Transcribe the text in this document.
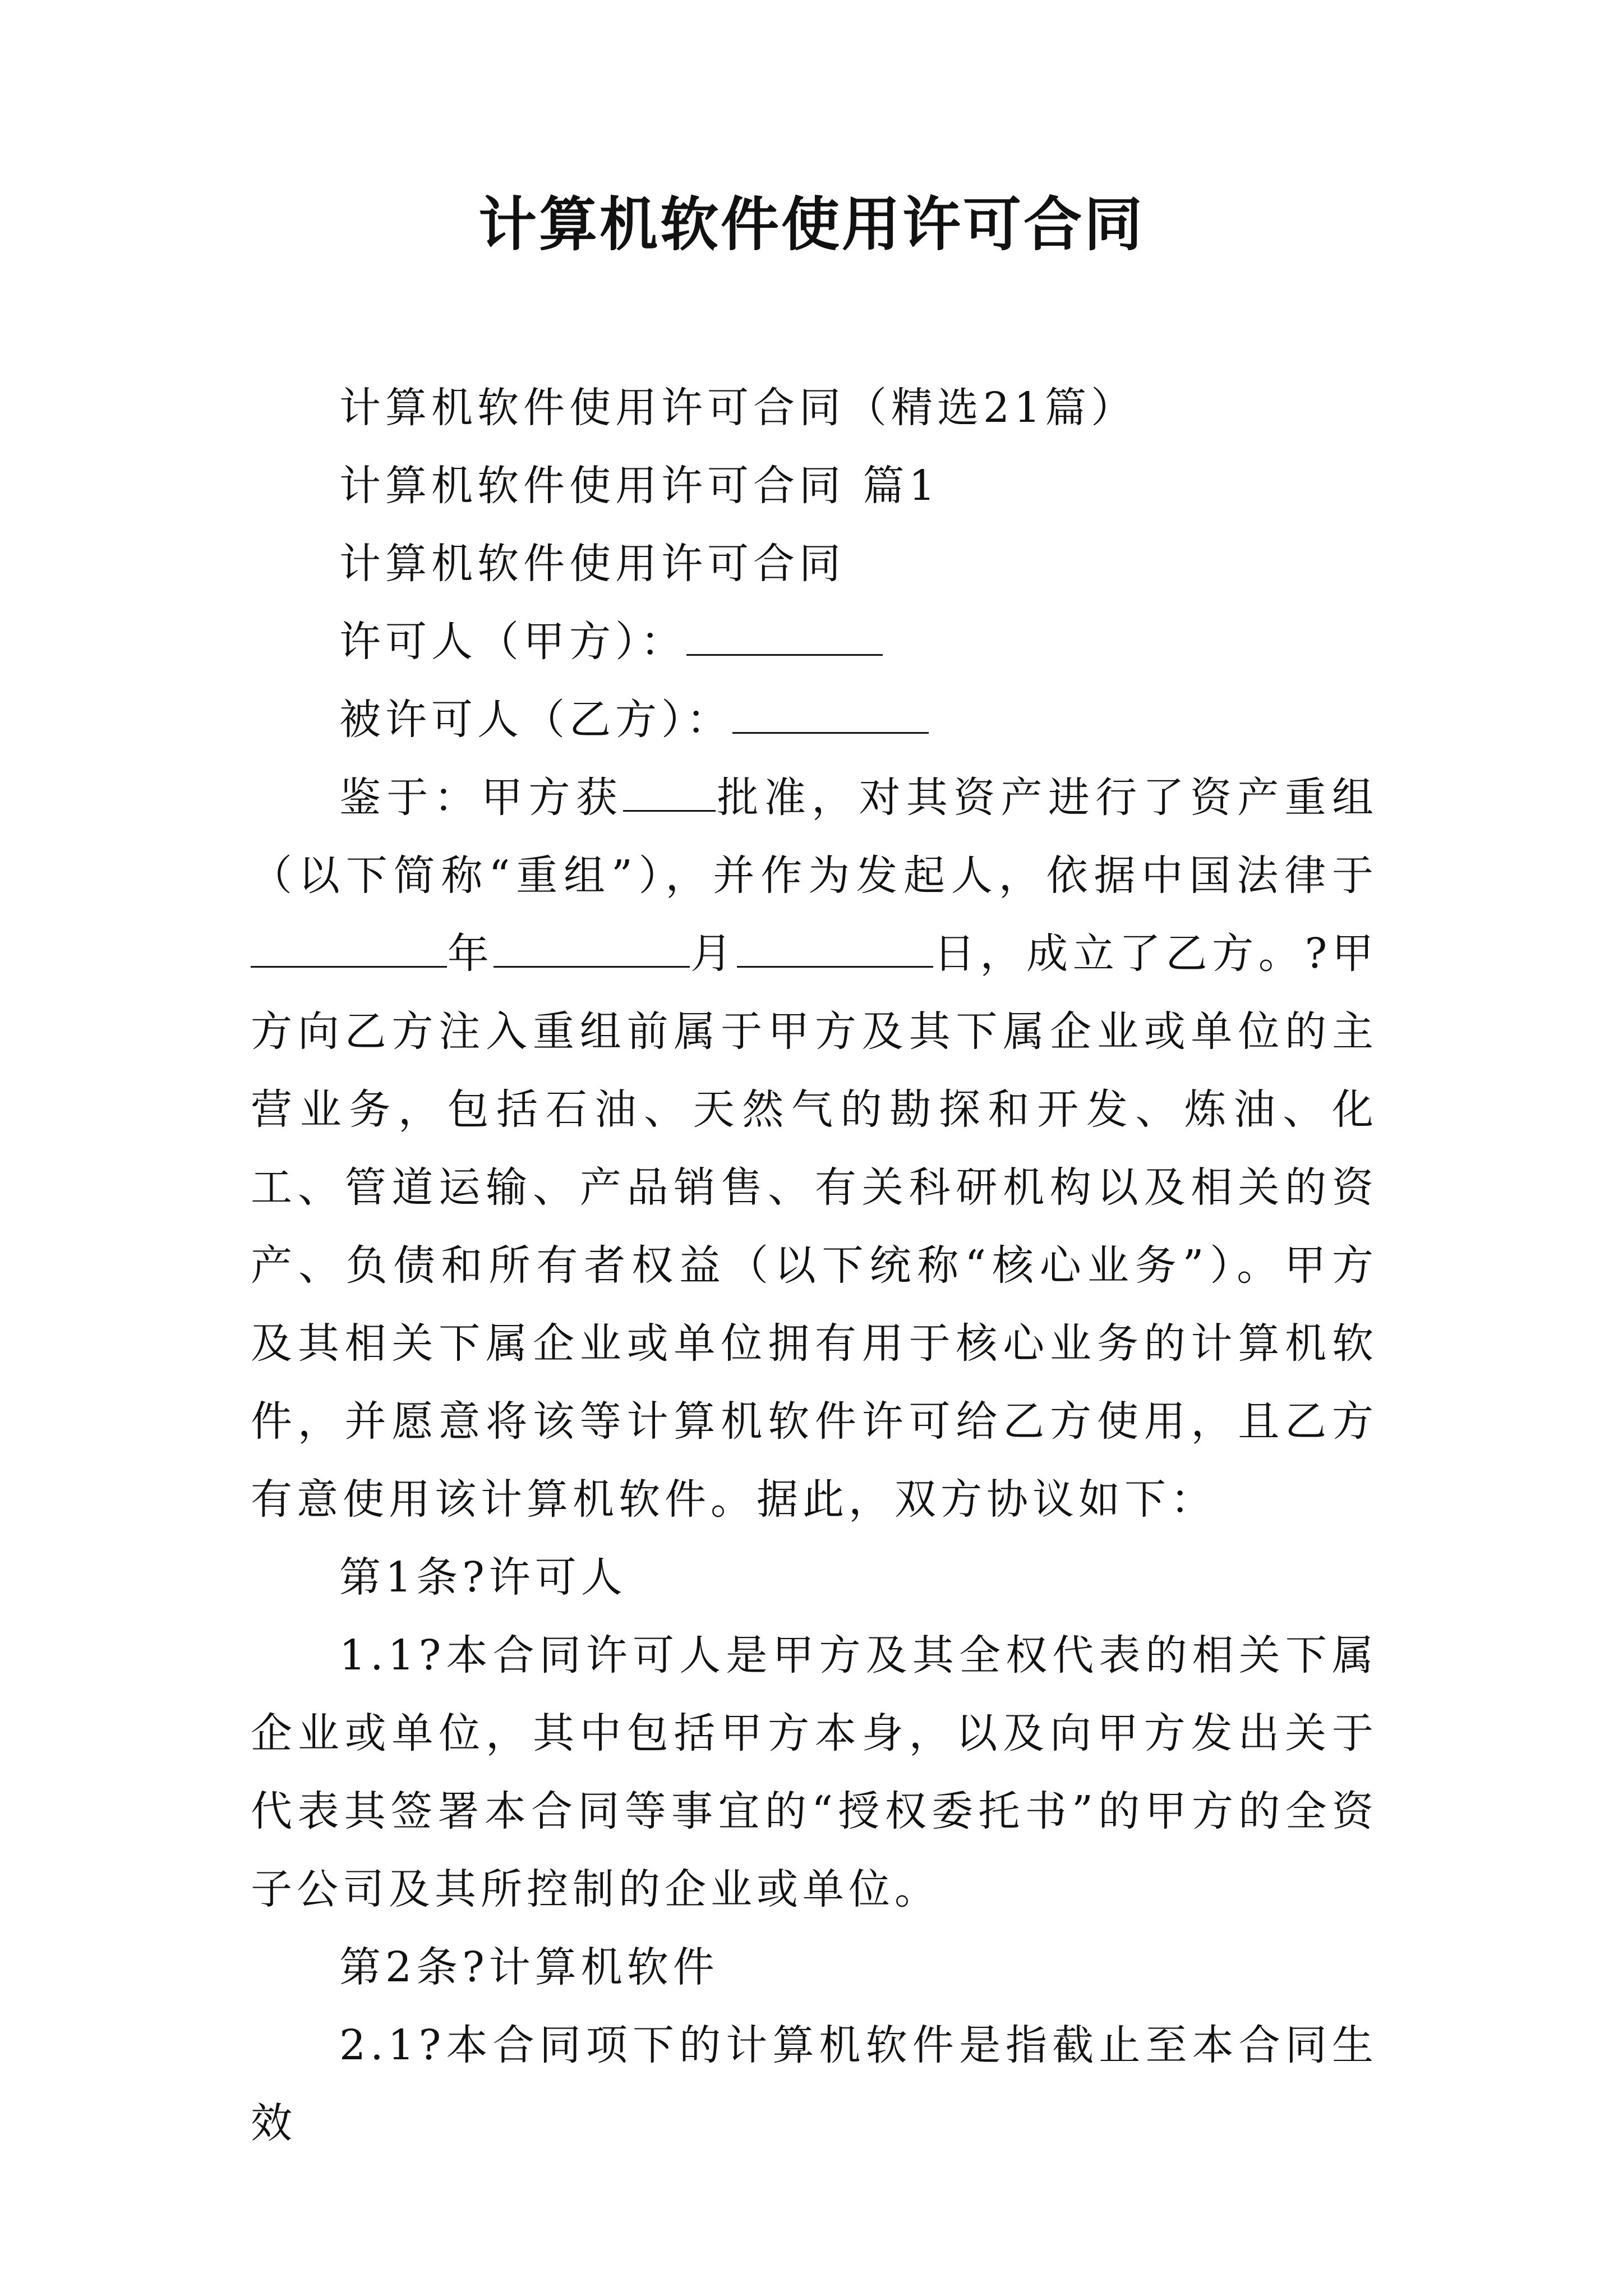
计算机软件使用许可合同

计算机软件使用许可合同（精选21篇）

计算机软件使用许可合同 篇1

计算机软件使用许可合同

许可人（甲方）：

被许可人（乙方）：

鉴于：甲方获 批准，对其资产进行了资产重组（以下简称“重组”），并作为发起人，依据中国法律于年	月	日，成立了乙方。?甲方向乙方注入重组前属于甲方及其下属企业或单位的主营业务，包括石油、天然气的勘探和开发、炼油、化工、管道运输、产品销售、有关科研机构以及相关的资产、负债和所有者权益（以下统称“核心业务”）。甲方及其相关下属企业或单位拥有用于核心业务的计算机软件，并愿意将该等计算机软件许可给乙方使用，且乙方有意使用该计算机软件。据此，双方协议如下：

第1条?许可人

1.1?本合同许可人是甲方及其全权代表的相关下属企业或单位，其中包括甲方本身，以及向甲方发出关于代表其签署本合同等事宜的“授权委托书”的甲方的全资子公司及其所控制的企业或单位。

第2条?计算机软件

2.1?本合同项下的计算机软件是指截止至本合同生效
